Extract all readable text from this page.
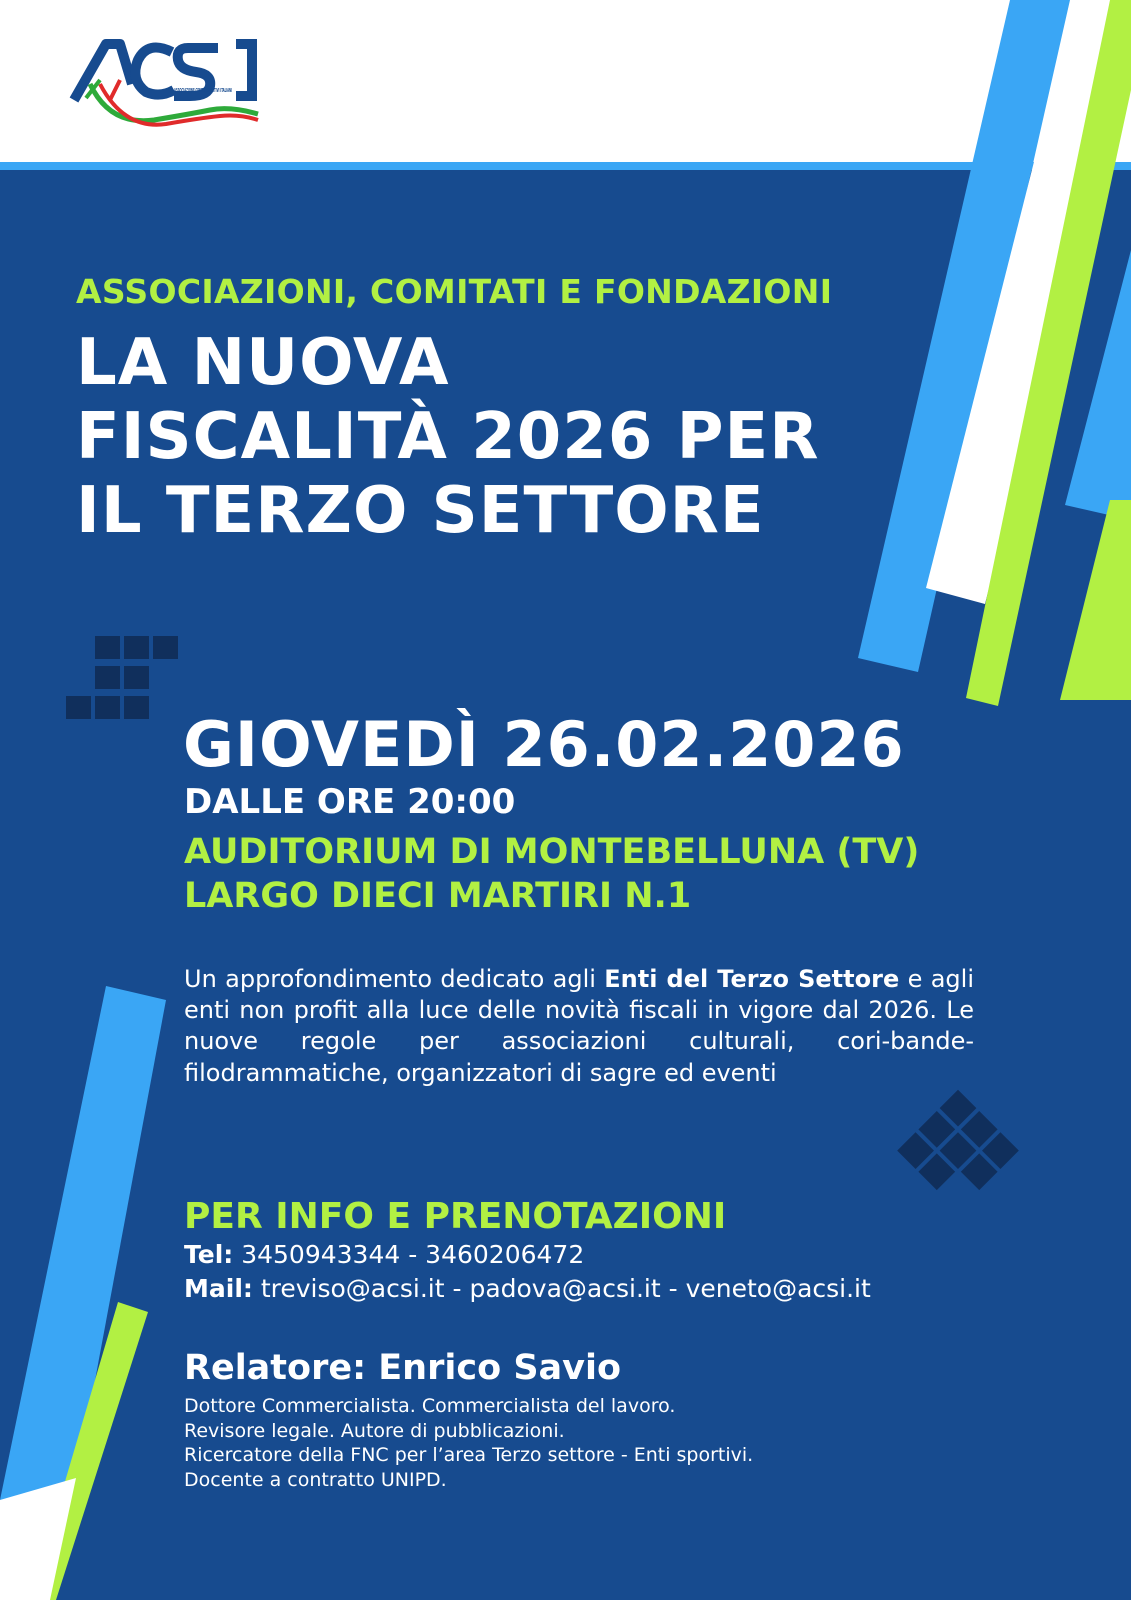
ASSOCIAZIONE CENTRI SPORTIVI ITALIANI

ASSOCIAZIONI, COMITATI E FONDAZIONI

LA NUOVA
FISCALITÀ 2026 PER
IL TERZO SETTORE
GIOVEDÌ 26.02.2026
DALLE ORE 20:00
AUDITORIUM DI MONTEBELLUNA (TV)
LARGO DIECI MARTIRI N.1

Un approfondimento dedicato agli Enti del Terzo Settore e agli enti non profit alla luce delle novità fiscali in vigore dal 2026. Le nuove regole per associazioni culturali, cori-bande-filodrammatiche, organizzatori di sagre ed eventi

PER INFO E PRENOTAZIONI
Tel: 3450943344 - 3460206472
Mail: treviso@acsi.it - padova@acsi.it - veneto@acsi.it
Relatore: Enrico Savio
Dottore Commercialista. Commercialista del lavoro.
Revisore legale. Autore di pubblicazioni.
Ricercatore della FNC per l’area Terzo settore - Enti sportivi.
Docente a contratto UNIPD.
